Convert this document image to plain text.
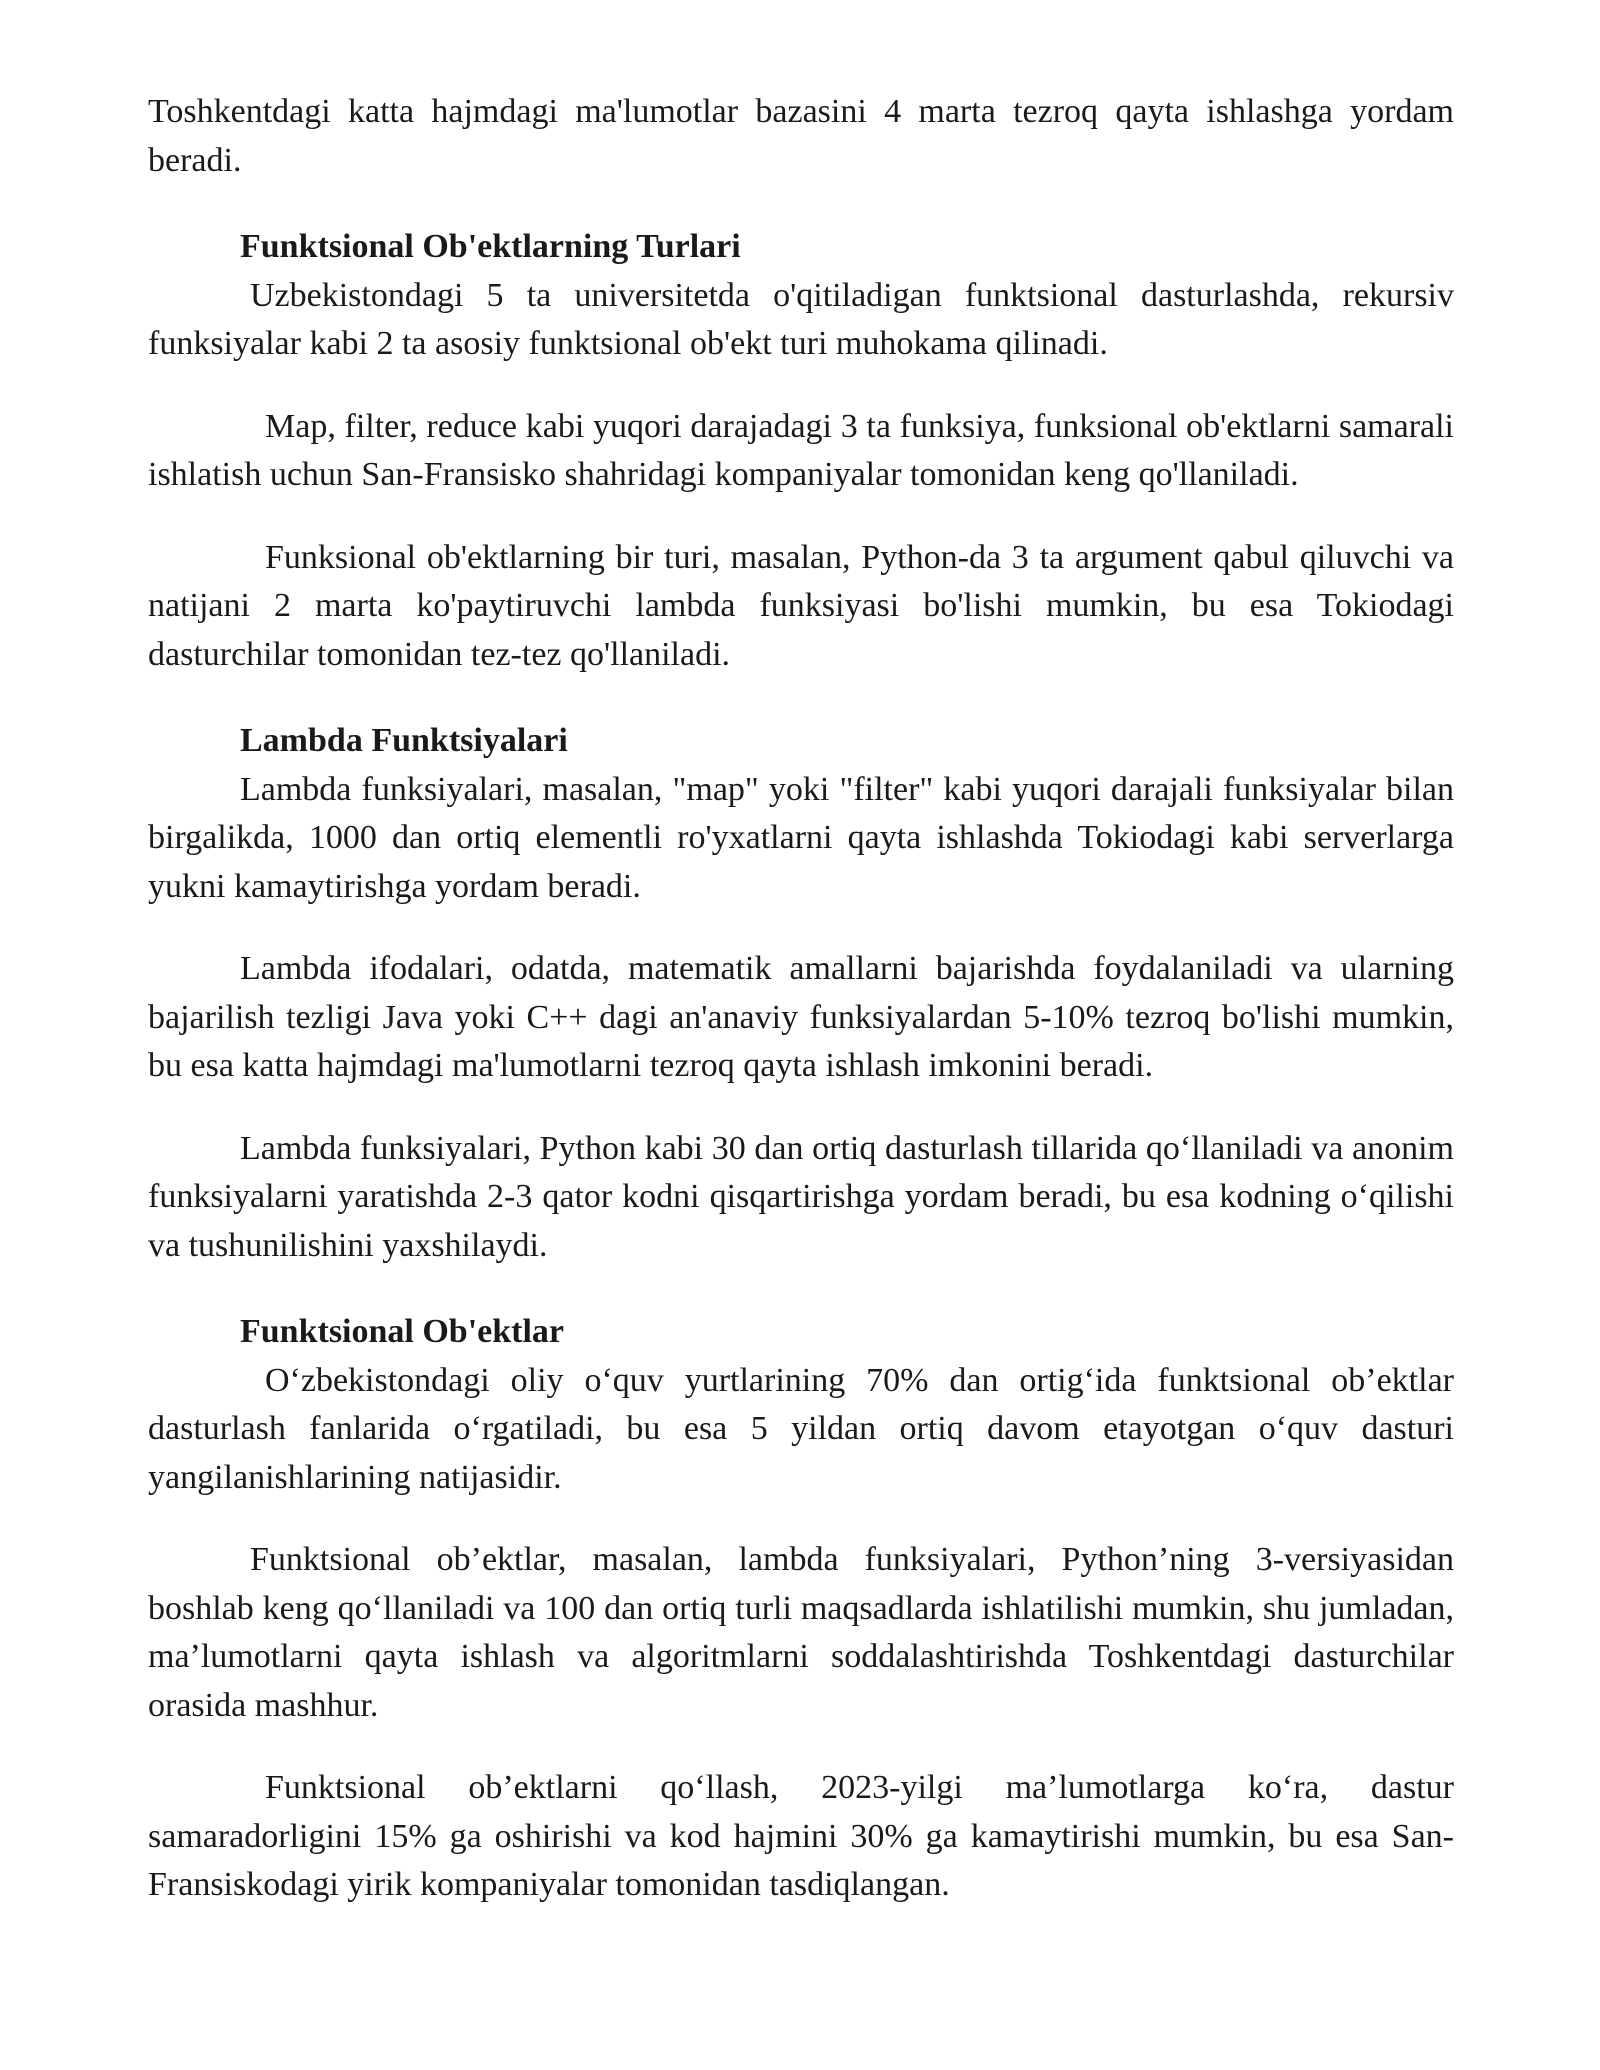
Toshkentdagi katta hajmdagi ma'lumotlar bazasini 4 marta tezroq qayta ishlashga yordam beradi.

Funktsional Ob'ektlarning Turlari

Uzbekistondagi 5 ta universitetda o'qitiladigan funktsional dasturlashda, rekursiv funksiyalar kabi 2 ta asosiy funktsional ob'ekt turi muhokama qilinadi.

Map, filter, reduce kabi yuqori darajadagi 3 ta funksiya, funksional ob'ektlarni samarali ishlatish uchun San-Fransisko shahridagi kompaniyalar tomonidan keng qo'llaniladi.

Funksional ob'ektlarning bir turi, masalan, Python-da 3 ta argument qabul qiluvchi va natijani 2 marta ko'paytiruvchi lambda funksiyasi bo'lishi mumkin, bu esa Tokiodagi dasturchilar tomonidan tez-tez qo'llaniladi.

Lambda Funktsiyalari

Lambda funksiyalari, masalan, "map" yoki "filter" kabi yuqori darajali funksiyalar bilan birgalikda, 1000 dan ortiq elementli ro'yxatlarni qayta ishlashda Tokiodagi kabi serverlarga yukni kamaytirishga yordam beradi.

Lambda ifodalari, odatda, matematik amallarni bajarishda foydalaniladi va ularning bajarilish tezligi Java yoki C++ dagi an'anaviy funksiyalardan 5-10% tezroq bo'lishi mumkin, bu esa katta hajmdagi ma'lumotlarni tezroq qayta ishlash imkonini beradi.

Lambda funksiyalari, Python kabi 30 dan ortiq dasturlash tillarida qo‘llaniladi va anonim funksiyalarni yaratishda 2-3 qator kodni qisqartirishga yordam beradi, bu esa kodning o‘qilishi va tushunilishini yaxshilaydi.

Funktsional Ob'ektlar

O‘zbekistondagi oliy o‘quv yurtlarining 70% dan ortig‘ida funktsional ob’ektlar dasturlash fanlarida o‘rgatiladi, bu esa 5 yildan ortiq davom etayotgan o‘quv dasturi yangilanishlarining natijasidir.

Funktsional ob’ektlar, masalan, lambda funksiyalari, Python’ning 3-versiyasidan boshlab keng qo‘llaniladi va 100 dan ortiq turli maqsadlarda ishlatilishi mumkin, shu jumladan, ma’lumotlarni qayta ishlash va algoritmlarni soddalashtirishda Toshkentdagi dasturchilar orasida mashhur.

Funktsional ob’ektlarni qo‘llash, 2023-yilgi ma’lumotlarga ko‘ra, dastur samaradorligini 15% ga oshirishi va kod hajmini 30% ga kamaytirishi mumkin, bu esa San-Fransiskodagi yirik kompaniyalar tomonidan tasdiqlangan.
